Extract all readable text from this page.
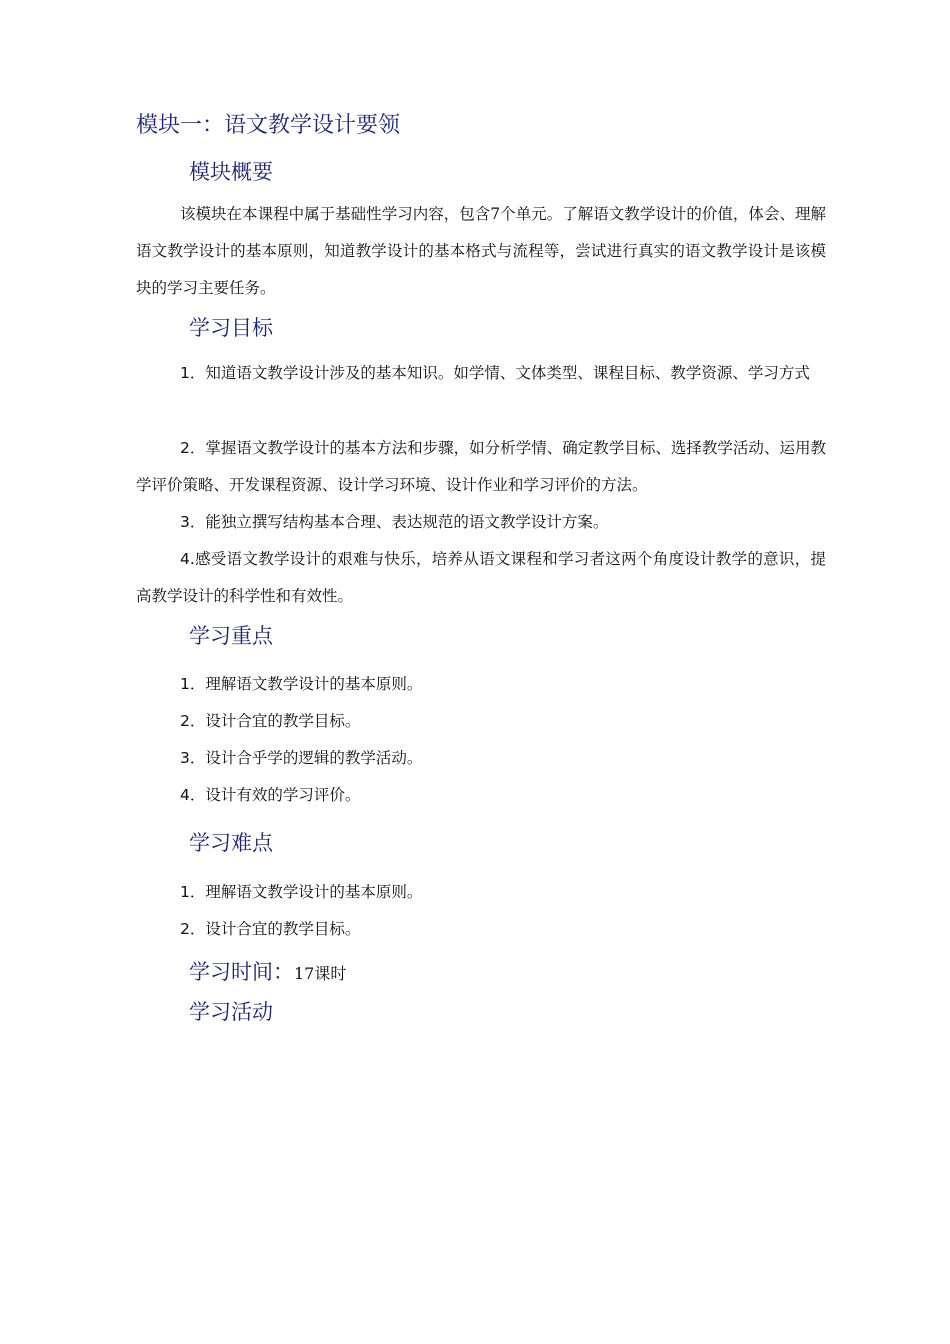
模块一：语文教学设计要领
模块概要
该模块在本课程中属于基础性学习内容，包含7个单元。了解语文教学设计的价值，体会、理解语文教学设计的基本原则，知道教学设计的基本格式与流程等，尝试进行真实的语文教学设计是该模块的学习主要任务。
学习目标
1．知道语文教学设计涉及的基本知识。如学情、文体类型、课程目标、教学资源、学习方式
2．掌握语文教学设计的基本方法和步骤，如分析学情、确定教学目标、选择教学活动、运用教学评价策略、开发课程资源、设计学习环境、设计作业和学习评价的方法。
3．能独立撰写结构基本合理、表达规范的语文教学设计方案。
4.感受语文教学设计的艰难与快乐，培养从语文课程和学习者这两个角度设计教学的意识，提高教学设计的科学性和有效性。
学习重点
1．理解语文教学设计的基本原则。
2．设计合宜的教学目标。
3．设计合乎学的逻辑的教学活动。
4．设计有效的学习评价。
学习难点
1．理解语文教学设计的基本原则。
2．设计合宜的教学目标。
学习时间：17课时
学习活动
